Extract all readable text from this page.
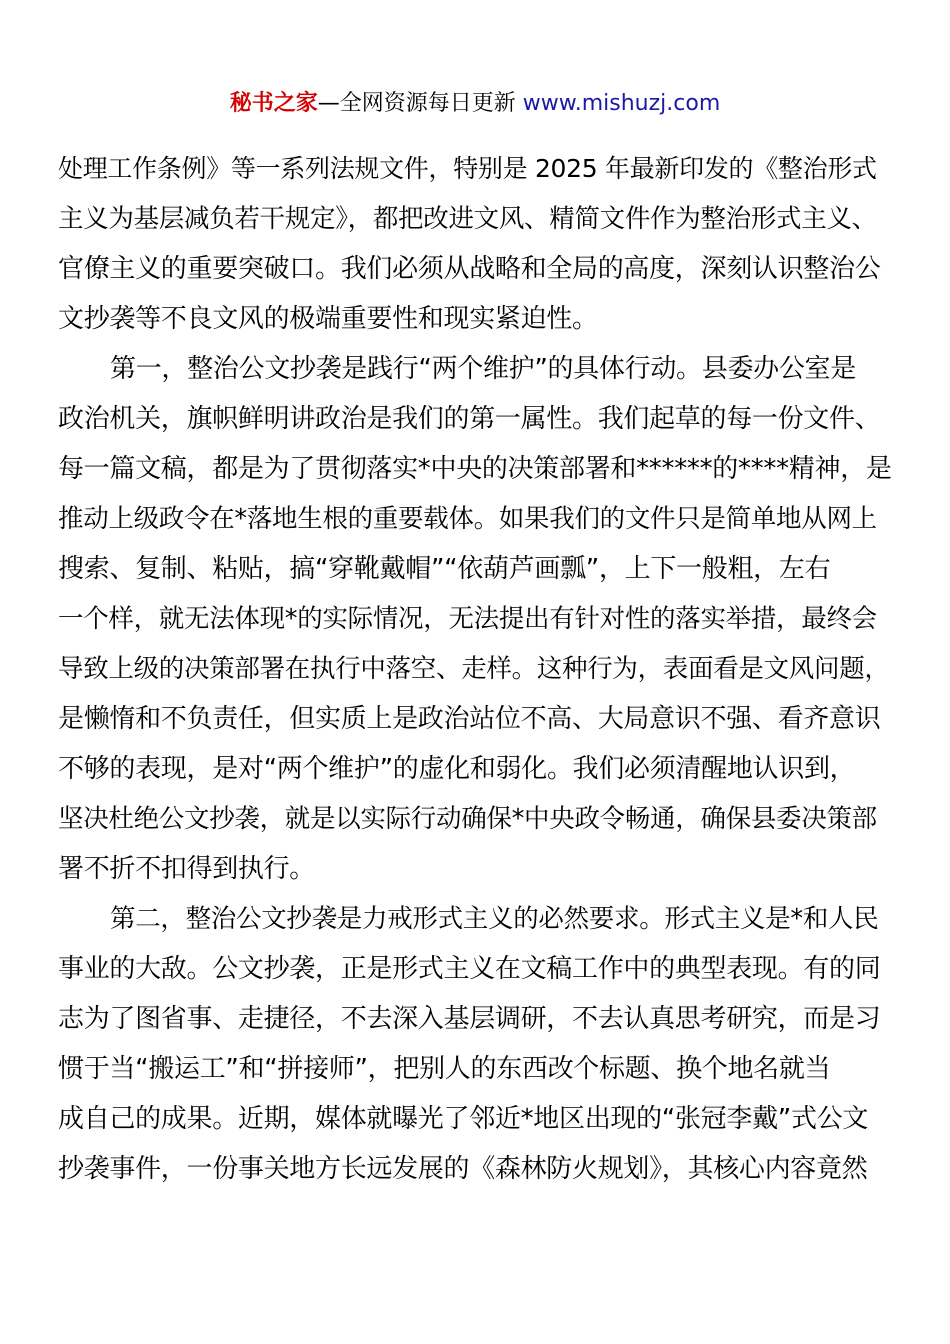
秘书之家—全网资源每日更新 www.mishuzj.com
处理工作条例》等一系列法规文件，特别是 2025 年最新印发的《整治形式
主义为基层减负若干规定》，都把改进文风、精简文件作为整治形式主义、
官僚主义的重要突破口。我们必须从战略和全局的高度，深刻认识整治公
文抄袭等不良文风的极端重要性和现实紧迫性。
第一，整治公文抄袭是践行“两个维护”的具体行动。县委办公室是
政治机关，旗帜鲜明讲政治是我们的第一属性。我们起草的每一份文件、
每一篇文稿，都是为了贯彻落实*中央的决策部署和******的****精神，是
推动上级政令在*落地生根的重要载体。如果我们的文件只是简单地从网上
搜索、复制、粘贴，搞“穿靴戴帽”“依葫芦画瓢”，上下一般粗，左右
一个样，就无法体现*的实际情况，无法提出有针对性的落实举措，最终会
导致上级的决策部署在执行中落空、走样。这种行为，表面看是文风问题，
是懒惰和不负责任，但实质上是政治站位不高、大局意识不强、看齐意识
不够的表现，是对“两个维护”的虚化和弱化。我们必须清醒地认识到，
坚决杜绝公文抄袭，就是以实际行动确保*中央政令畅通，确保县委决策部
署不折不扣得到执行。
第二，整治公文抄袭是力戒形式主义的必然要求。形式主义是*和人民
事业的大敌。公文抄袭，正是形式主义在文稿工作中的典型表现。有的同
志为了图省事、走捷径，不去深入基层调研，不去认真思考研究，而是习
惯于当“搬运工”和“拼接师”，把别人的东西改个标题、换个地名就当
成自己的成果。近期，媒体就曝光了邻近*地区出现的“张冠李戴”式公文
抄袭事件，一份事关地方长远发展的《森林防火规划》，其核心内容竟然
